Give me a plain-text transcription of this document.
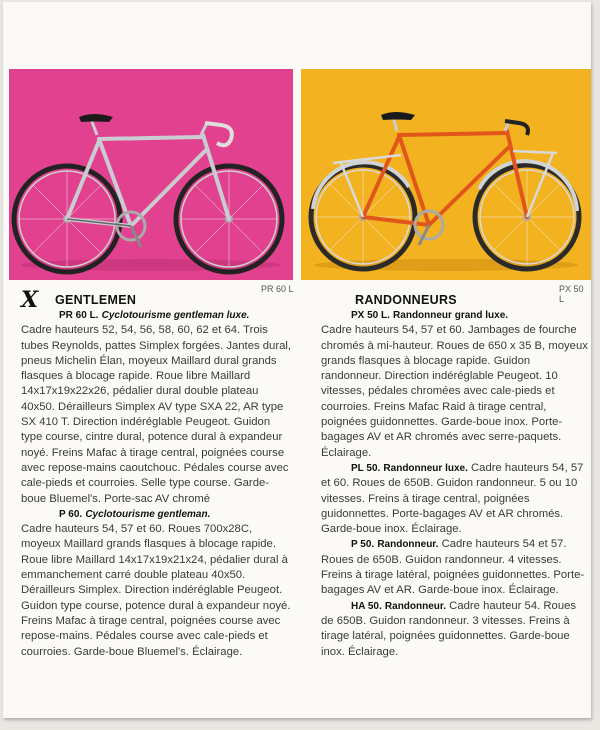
PR 60 L	PX 50 L
X	GENTLEMEN
PR 60 L. Cyclotourisme gentleman luxe.

Cadre hauteurs 52, 54, 56, 58, 60, 62 et 64. Trois tubes Reynolds, pattes Simplex forgées. Jantes dural, pneus Michelin Élan, moyeux Maillard dural grands flasques à blocage rapide. Roue libre Maillard 14x17x19x22x26, pédalier dural double plateau 40x50. Dérailleurs Simplex AV type SXA 22, AR type SX 410 T. Direction indéréglable Peugeot. Guidon type course, cintre dural, potence dural à expandeur noyé. Freins Mafac à tirage central, poignées course avec repose-mains caoutchouc. Pédales course avec cale-pieds et courroies. Selle type course. Garde-boue Bluemel's. Porte-sac AV chromé

P 60. Cyclotourisme gentleman.

Cadre hauteurs 54, 57 et 60. Roues 700x28C, moyeux Maillard grands flasques à blocage rapide. Roue libre Maillard 14x17x19x21x24, pédalier dural à emmanchement carré double plateau 40x50. Dérailleurs Simplex. Direction indéréglable Peugeot. Guidon type course, potence dural à expandeur noyé. Freins Mafac à tirage central, poignées course avec repose-mains. Pédales course avec cale-pieds et courroies. Garde-boue Bluemel's. Éclairage.

RANDONNEURS
PX 50 L. Randonneur grand luxe.

Cadre hauteurs 54, 57 et 60. Jambages de fourche chromés à mi-hauteur. Roues de 650 x 35 B, moyeux grands flasques à blocage rapide. Guidon randonneur. Direction indéréglable Peugeot. 10 vitesses, pédales chromées avec cale-pieds et courroies. Freins Mafac Raid à tirage central, poignées guidonnettes. Garde-boue inox. Porte-bagages AV et AR chromés avec serre-paquets. Éclairage.

PL 50. Randonneur luxe. Cadre hauteurs 54, 57 et 60. Roues de 650B. Guidon randonneur. 5 ou 10 vitesses. Freins à tirage central, poignées guidonnettes. Porte-bagages AV et AR chromés. Garde-boue inox. Éclairage.

P 50. Randonneur. Cadre hauteurs 54 et 57. Roues de 650B. Guidon randonneur. 4 vitesses. Freins à tirage latéral, poignées guidonnettes. Porte-bagages AV et AR. Garde-boue inox. Éclairage.

HA 50. Randonneur. Cadre hauteur 54. Roues de 650B. Guidon randonneur. 3 vitesses. Freins à tirage latéral, poignées guidonnettes. Garde-boue inox. Éclairage.
